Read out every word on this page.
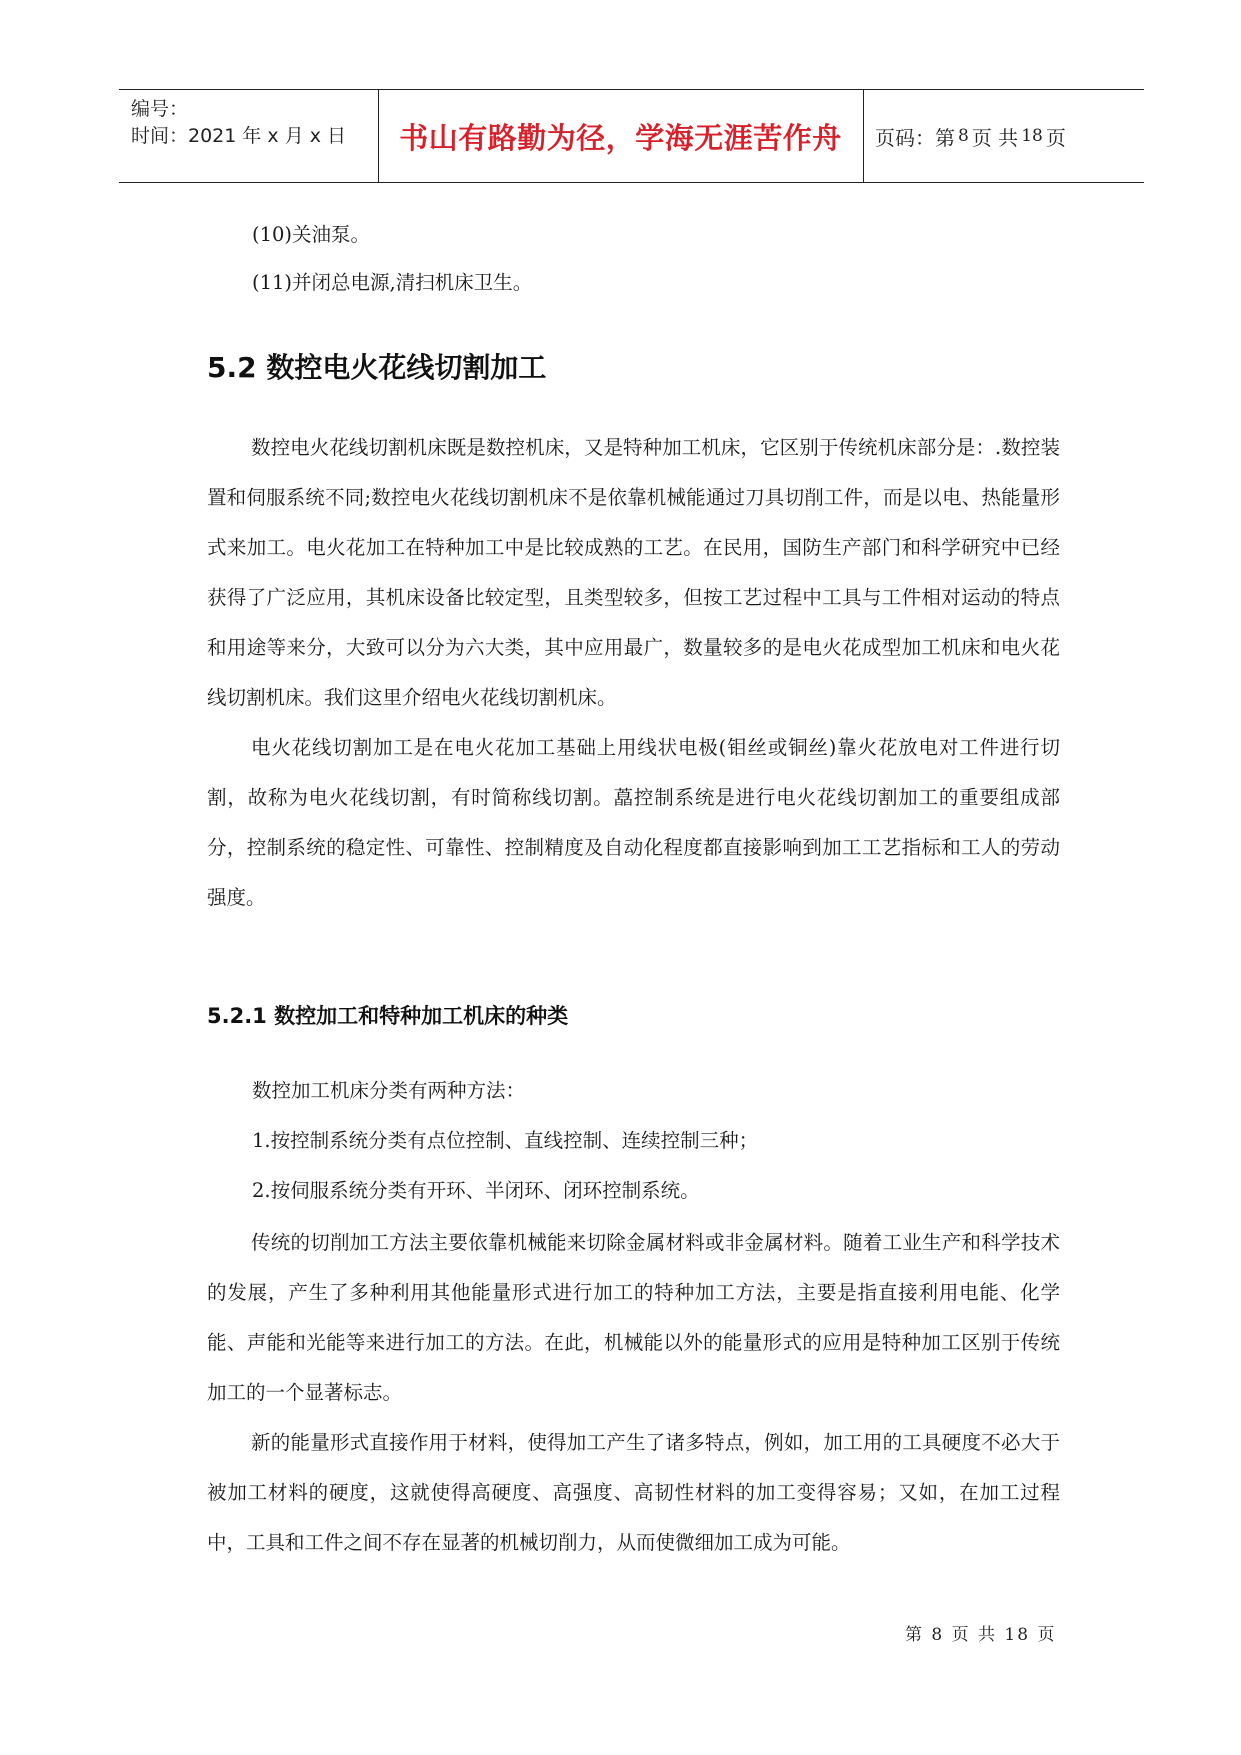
编号：
时间：2021 年 x 月 x 日	书山有路勤为径，学海无涯苦作舟	页码：第 8 页 共 18 页
(10)关油泵。
(11)并闭总电源,清扫机床卫生。
5.2 数控电火花线切割加工

数控电火花线切割机床既是数控机床，又是特种加工机床，它区别于传统机床部分是：.数控装置和伺服系统不同;数控电火花线切割机床不是依靠机械能通过刀具切削工件，而是以电、热能量形式来加工。电火花加工在特种加工中是比较成熟的工艺。在民用，国防生产部门和科学研究中已经获得了广泛应用，其机床设备比较定型，且类型较多，但按工艺过程中工具与工件相对运动的特点和用途等来分，大致可以分为六大类，其中应用最广，数量较多的是电火花成型加工机床和电火花线切割机床。我们这里介绍电火花线切割机床。

电火花线切割加工是在电火花加工基础上用线状电极(钼丝或铜丝)靠火花放电对工件进行切割，故称为电火花线切割，有时简称线切割。藠控制系统是进行电火花线切割加工的重要组成部分，控制系统的稳定性、可靠性、控制精度及自动化程度都直接影响到加工工艺指标和工人的劳动强度。

5.2.1 数控加工和特种加工机床的种类
数控加工机床分类有两种方法：
1.按控制系统分类有点位控制、直线控制、连续控制三种；
2.按伺服系统分类有开环、半闭环、闭环控制系统。

传统的切削加工方法主要依靠机械能来切除金属材料或非金属材料。随着工业生产和科学技术的发展，产生了多种利用其他能量形式进行加工的特种加工方法，主要是指直接利用电能、化学能、声能和光能等来进行加工的方法。在此，机械能以外的能量形式的应用是特种加工区别于传统加工的一个显著标志。

新的能量形式直接作用于材料，使得加工产生了诸多特点，例如，加工用的工具硬度不必大于被加工材料的硬度，这就使得高硬度、高强度、高韧性材料的加工变得容易；又如，在加工过程中，工具和工件之间不存在显著的机械切削力，从而使微细加工成为可能。

第 8 页 共 18 页
